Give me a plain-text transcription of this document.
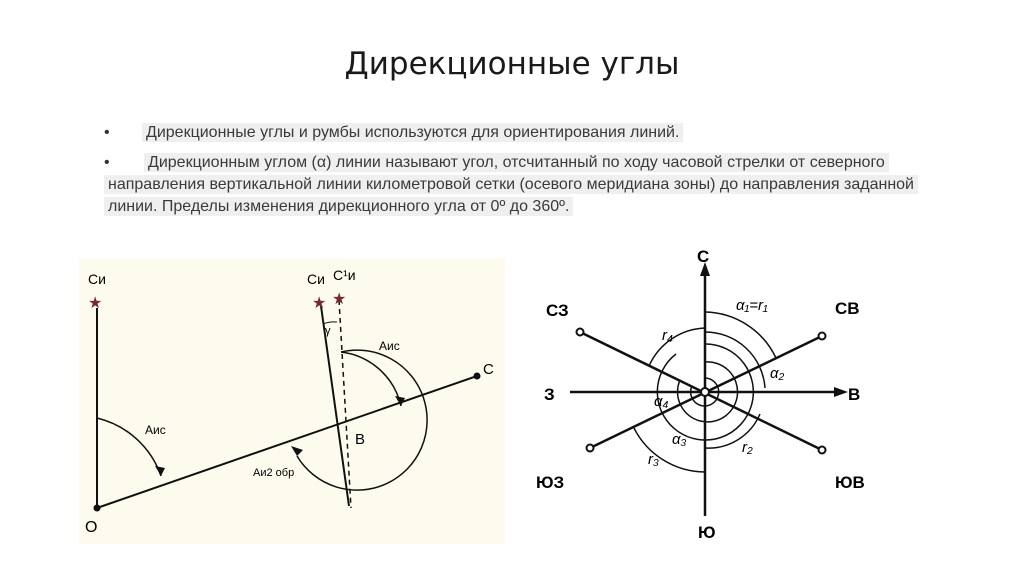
Дирекционные углы
•	Дирекционные углы и румбы используются для ориентирования линий.
•	Дирекционным углом (α) линии называют угол, отсчитанный по ходу часовой стрелки от северного направления вертикальной линии километровой сетки (осевого меридиана зоны) до направления заданной линии. Пределы изменения дирекционного угла от 0º до 360º.
★	★ ★
Си	Си C¹и
γ
Аис
Аис
Аи2 обр
О
В
С
С
Ю
В
З
СЗ	СВ
ЮЗ	ЮВ
α₁=r₁
α₂
α₃
α₄
r₂
r₃
r₄
